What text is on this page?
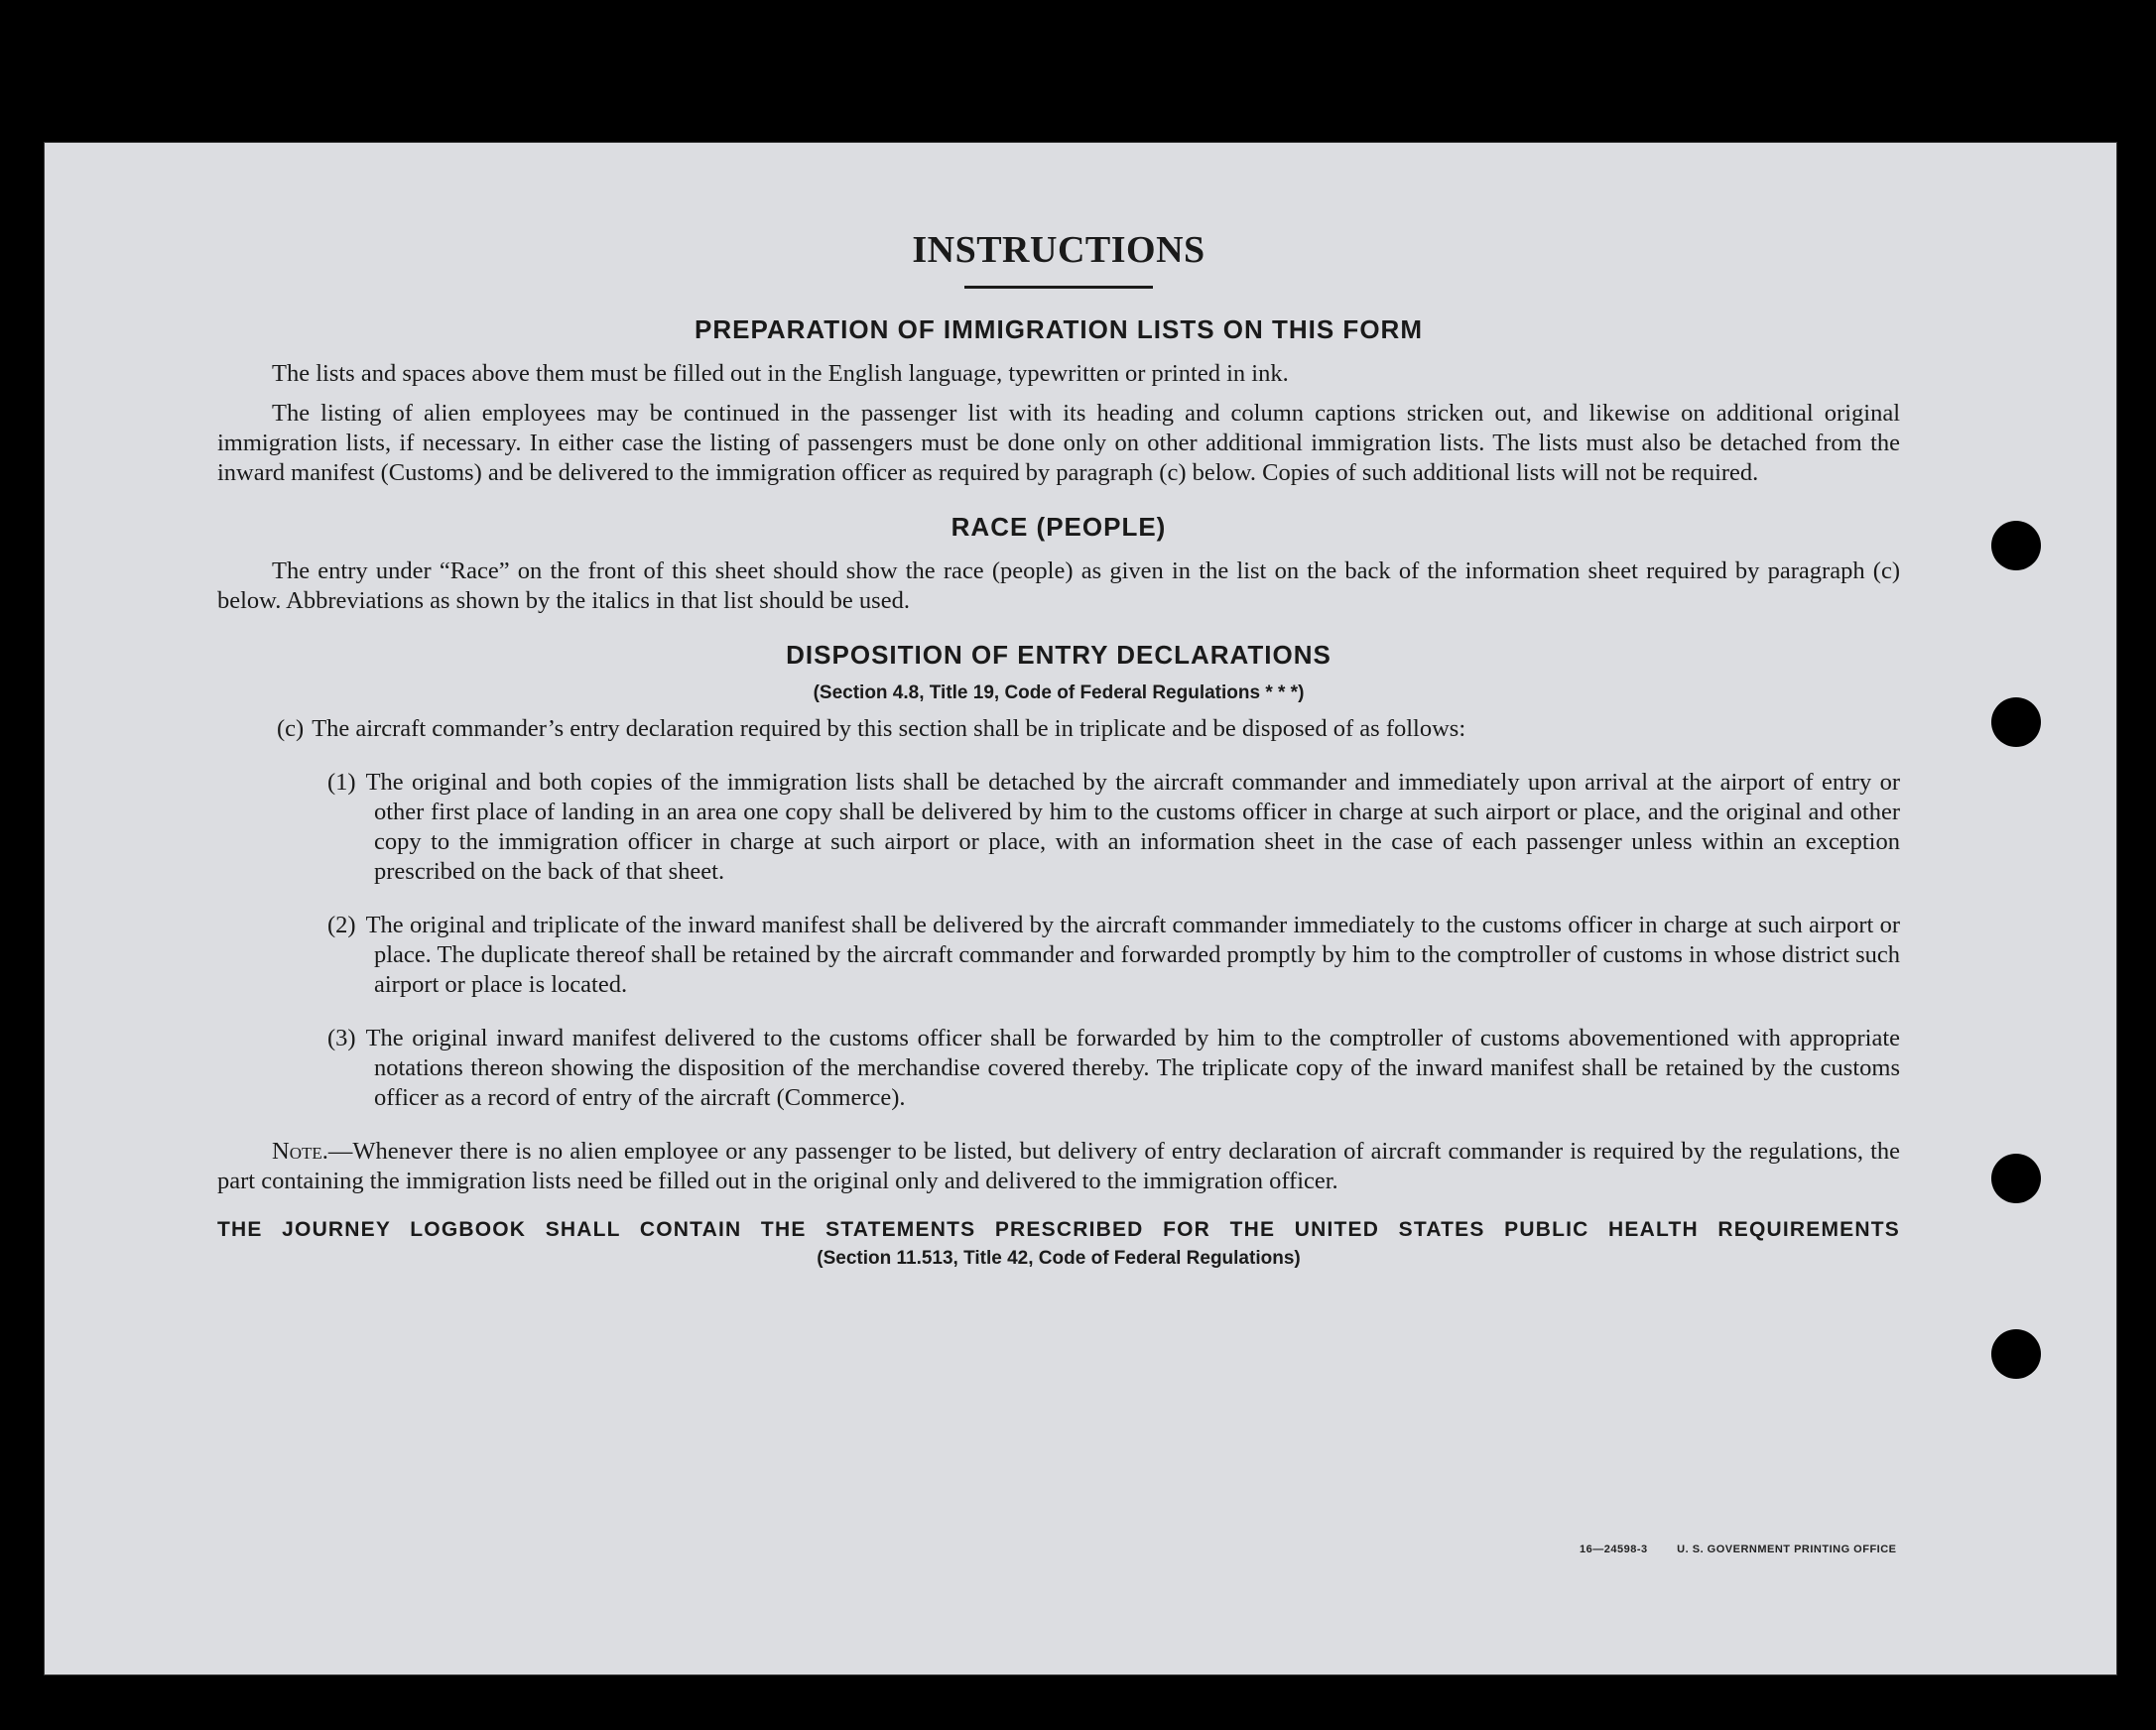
16—24598-3	U. S. GOVERNMENT PRINTING OFFICE
INSTRUCTIONS
PREPARATION OF IMMIGRATION LISTS ON THIS FORM

The lists and spaces above them must be filled out in the English language, typewritten or printed in ink.

The listing of alien employees may be continued in the passenger list with its heading and column captions stricken out, and likewise on additional original immigration lists, if necessary. In either case the listing of passengers must be done only on other additional immigration lists. The lists must also be detached from the inward manifest (Customs) and be delivered to the immigration officer as required by paragraph (c) below. Copies of such additional lists will not be required.

RACE (PEOPLE)

The entry under “Race” on the front of this sheet should show the race (people) as given in the list on the back of the information sheet required by paragraph (c) below. Abbreviations as shown by the italics in that list should be used.

DISPOSITION OF ENTRY DECLARATIONS
(Section 4.8, Title 19, Code of Federal Regulations * * *)
(c) The aircraft commander’s entry declaration required by this section shall be in triplicate and be disposed of as follows:
(1) The original and both copies of the immigration lists shall be detached by the aircraft commander and immediately upon arrival at the airport of entry or other first place of landing in an area one copy shall be delivered by him to the customs officer in charge at such airport or place, and the original and other copy to the immigration officer in charge at such airport or place, with an information sheet in the case of each passenger unless within an exception prescribed on the back of that sheet.
(2) The original and triplicate of the inward manifest shall be delivered by the aircraft commander immediately to the customs officer in charge at such airport or place. The duplicate thereof shall be retained by the aircraft commander and forwarded promptly by him to the comptroller of customs in whose district such airport or place is located.
(3) The original inward manifest delivered to the customs officer shall be forwarded by him to the comptroller of customs abovementioned with appropriate notations thereon showing the disposition of the merchandise covered thereby. The triplicate copy of the inward manifest shall be retained by the customs officer as a record of entry of the aircraft (Commerce).

Note.—Whenever there is no alien employee or any passenger to be listed, but delivery of entry declaration of aircraft commander is required by the regulations, the part containing the immigration lists need be filled out in the original only and delivered to the immigration officer.

THE JOURNEY LOGBOOK SHALL CONTAIN THE STATEMENTS PRESCRIBED FOR THE UNITED STATES PUBLIC HEALTH REQUIREMENTS
(Section 11.513, Title 42, Code of Federal Regulations)
